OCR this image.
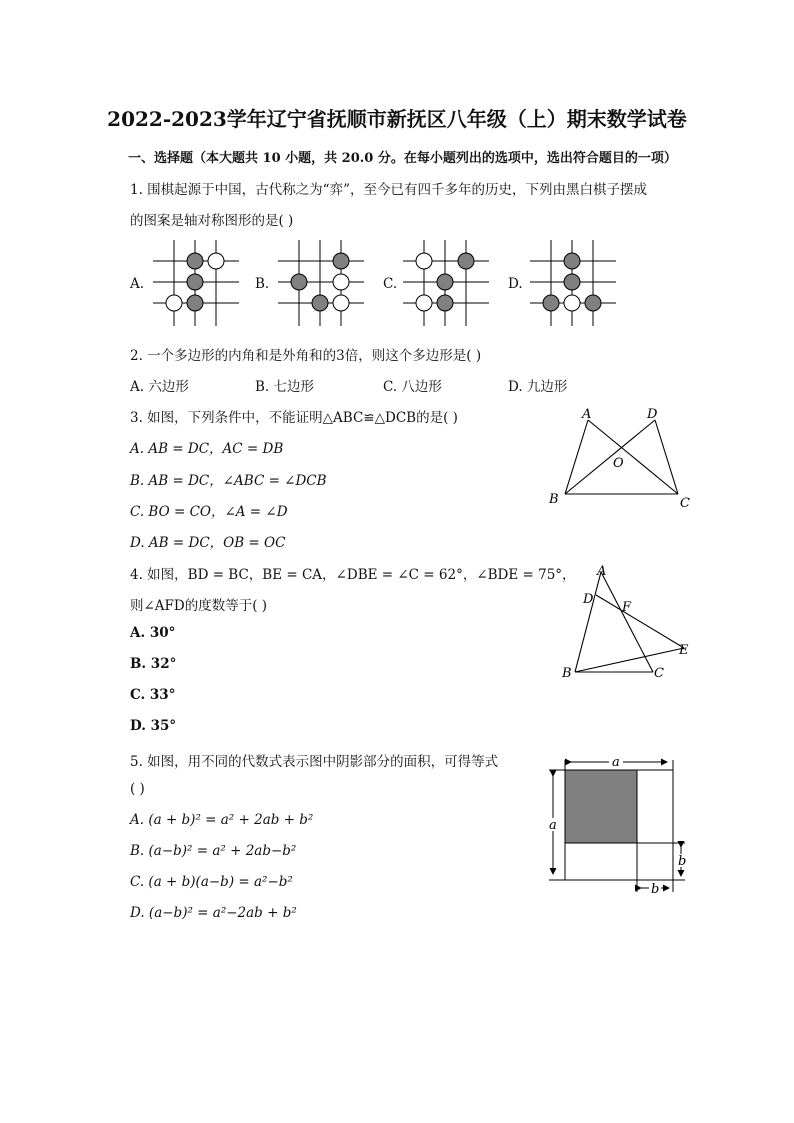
2022-2023学年辽宁省抚顺市新抚区八年级（上）期末数学试卷
一、选择题（本大题共 10 小题，共 20.0 分。在每小题列出的选项中，选出符合题目的一项）
1. 围棋起源于中国，古代称之为“弈”，至今已有四千多年的历史，下列由黑白棋子摆成
的图案是轴对称图形的是( )
A.	B.	C.	D.
2. 一个多边形的内角和是外角和的3倍，则这个多边形是( )
A. 六边形	B. 七边形	C. 八边形	D. 九边形
3. 如图，下列条件中，不能证明△ABC≌△DCB的是( )
A. AB = DC，AC = DB
B. AB = DC，∠ABC = ∠DCB
C. BO = CO，∠A = ∠D
D. AB = DC，OB = OC
A	D
O
B	C
4. 如图，BD = BC，BE = CA，∠DBE = ∠C = 62°，∠BDE = 75°，
则∠AFD的度数等于( )
A. 30°
B. 32°
C. 33°
D. 35°
A
D
F
E
B	C
5. 如图，用不同的代数式表示图中阴影部分的面积，可得等式
( )
A. (a + b)² = a² + 2ab + b²
B. (a−b)² = a² + 2ab−b²
C. (a + b)(a−b) = a²−b²
D. (a−b)² = a²−2ab + b²
a
a
b
b
